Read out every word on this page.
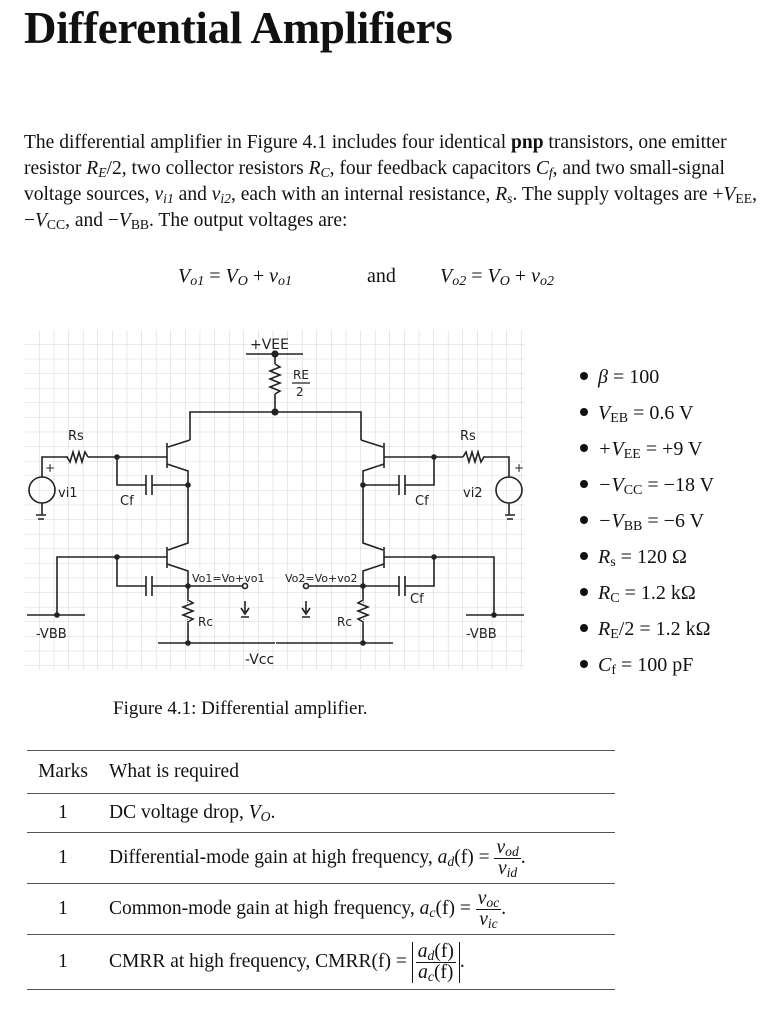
Differential Amplifiers
The differential amplifier in Figure 4.1 includes four identical pnp transistors, one emitter resistor $R_E/2$, two collector resistors $R_C$, four feedback capacitors $C_f$, and two small-signal voltage sources, $v_{i1}$ and $v_{i2}$, each with an internal resistance, $R_s$. The supply voltages are $+V_{EE}$, $-V_{CC}$, and $-V_{BB}$. The output voltages are:
$V_{o1} = V_O + v_{o1}$	and $V_{o2} = V_O + v_{o2}$
+VEE
RE
2
Rs	Rs
+	+
vi1	vi2
Cf	Cf
Cf
Vo1=Vo+vo1 Vo2=Vo+vo2
Rc	Rc
-VBB	-VBB
-Vcc
β = 100
$V_{EB} = 0.6$ V
$+V_{EE} = +9$ V
$-V_{CC} = -18$ V
$-V_{BB} = -6$ V
$R_s = 120$ Ω
$R_C = 1.2$ kΩ
$R_E/2 = 1.2$ kΩ
$C_f = 100$ pF
Figure 4.1: Differential amplifier.
Marks	What is required
1	DC voltage drop, $V_O$.
1	Differential-mode gain at high frequency, $a_d(f) = \frac{v_{od}}{v_{id}}$ .
1	Common-mode gain at high frequency, $a_c(f) = \frac{v_{oc}}{v_{ic}}$ .
1	CMRR at high frequency, CMRR(f) = $\frac{a_d(f)}{a_c(f)}$ .
